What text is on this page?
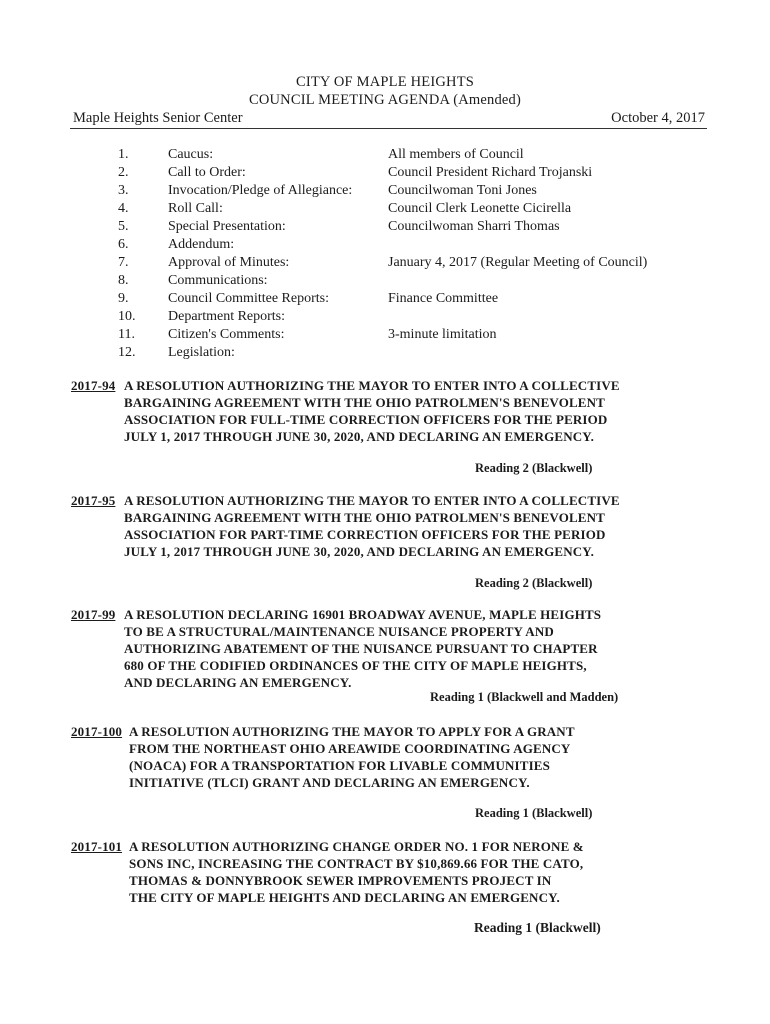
CITY OF MAPLE HEIGHTS
COUNCIL MEETING AGENDA (Amended)
Maple Heights Senior Center	October 4, 2017
1.	Caucus:	All members of Council
2.	Call to Order:	Council President Richard Trojanski
3.	Invocation/Pledge of Allegiance:	Councilwoman Toni Jones
4.	Roll Call:	Council Clerk Leonette Cicirella
5.	Special Presentation:	Councilwoman Sharri Thomas
6.	Addendum:
7.	Approval of Minutes:	January 4, 2017 (Regular Meeting of Council)
8.	Communications:
9.	Council Committee Reports:	Finance Committee
10.	Department Reports:
11.	Citizen's Comments:	3-minute limitation
12.	Legislation:
2017-94 A RESOLUTION AUTHORIZING THE MAYOR TO ENTER INTO A COLLECTIVE
BARGAINING AGREEMENT WITH THE OHIO PATROLMEN'S BENEVOLENT
ASSOCIATION FOR FULL-TIME CORRECTION OFFICERS FOR THE PERIOD
JULY 1, 2017 THROUGH JUNE 30, 2020, AND DECLARING AN EMERGENCY.
Reading 2 (Blackwell)
2017-95 A RESOLUTION AUTHORIZING THE MAYOR TO ENTER INTO A COLLECTIVE
BARGAINING AGREEMENT WITH THE OHIO PATROLMEN'S BENEVOLENT
ASSOCIATION FOR PART-TIME CORRECTION OFFICERS FOR THE PERIOD
JULY 1, 2017 THROUGH JUNE 30, 2020, AND DECLARING AN EMERGENCY.
Reading 2 (Blackwell)
2017-99 A RESOLUTION DECLARING 16901 BROADWAY AVENUE, MAPLE HEIGHTS
TO BE A STRUCTURAL/MAINTENANCE NUISANCE PROPERTY AND
AUTHORIZING ABATEMENT OF THE NUISANCE PURSUANT TO CHAPTER
680 OF THE CODIFIED ORDINANCES OF THE CITY OF MAPLE HEIGHTS,
AND DECLARING AN EMERGENCY.
Reading 1 (Blackwell and Madden)
2017-100 A RESOLUTION AUTHORIZING THE MAYOR TO APPLY FOR A GRANT
FROM THE NORTHEAST OHIO AREAWIDE COORDINATING AGENCY
(NOACA) FOR A TRANSPORTATION FOR LIVABLE COMMUNITIES
INITIATIVE (TLCI) GRANT AND DECLARING AN EMERGENCY.
Reading 1 (Blackwell)
2017-101 A RESOLUTION AUTHORIZING CHANGE ORDER NO. 1 FOR NERONE &
SONS INC, INCREASING THE CONTRACT BY $10,869.66 FOR THE CATO,
THOMAS & DONNYBROOK SEWER IMPROVEMENTS PROJECT IN
THE CITY OF MAPLE HEIGHTS AND DECLARING AN EMERGENCY.
Reading 1 (Blackwell)
